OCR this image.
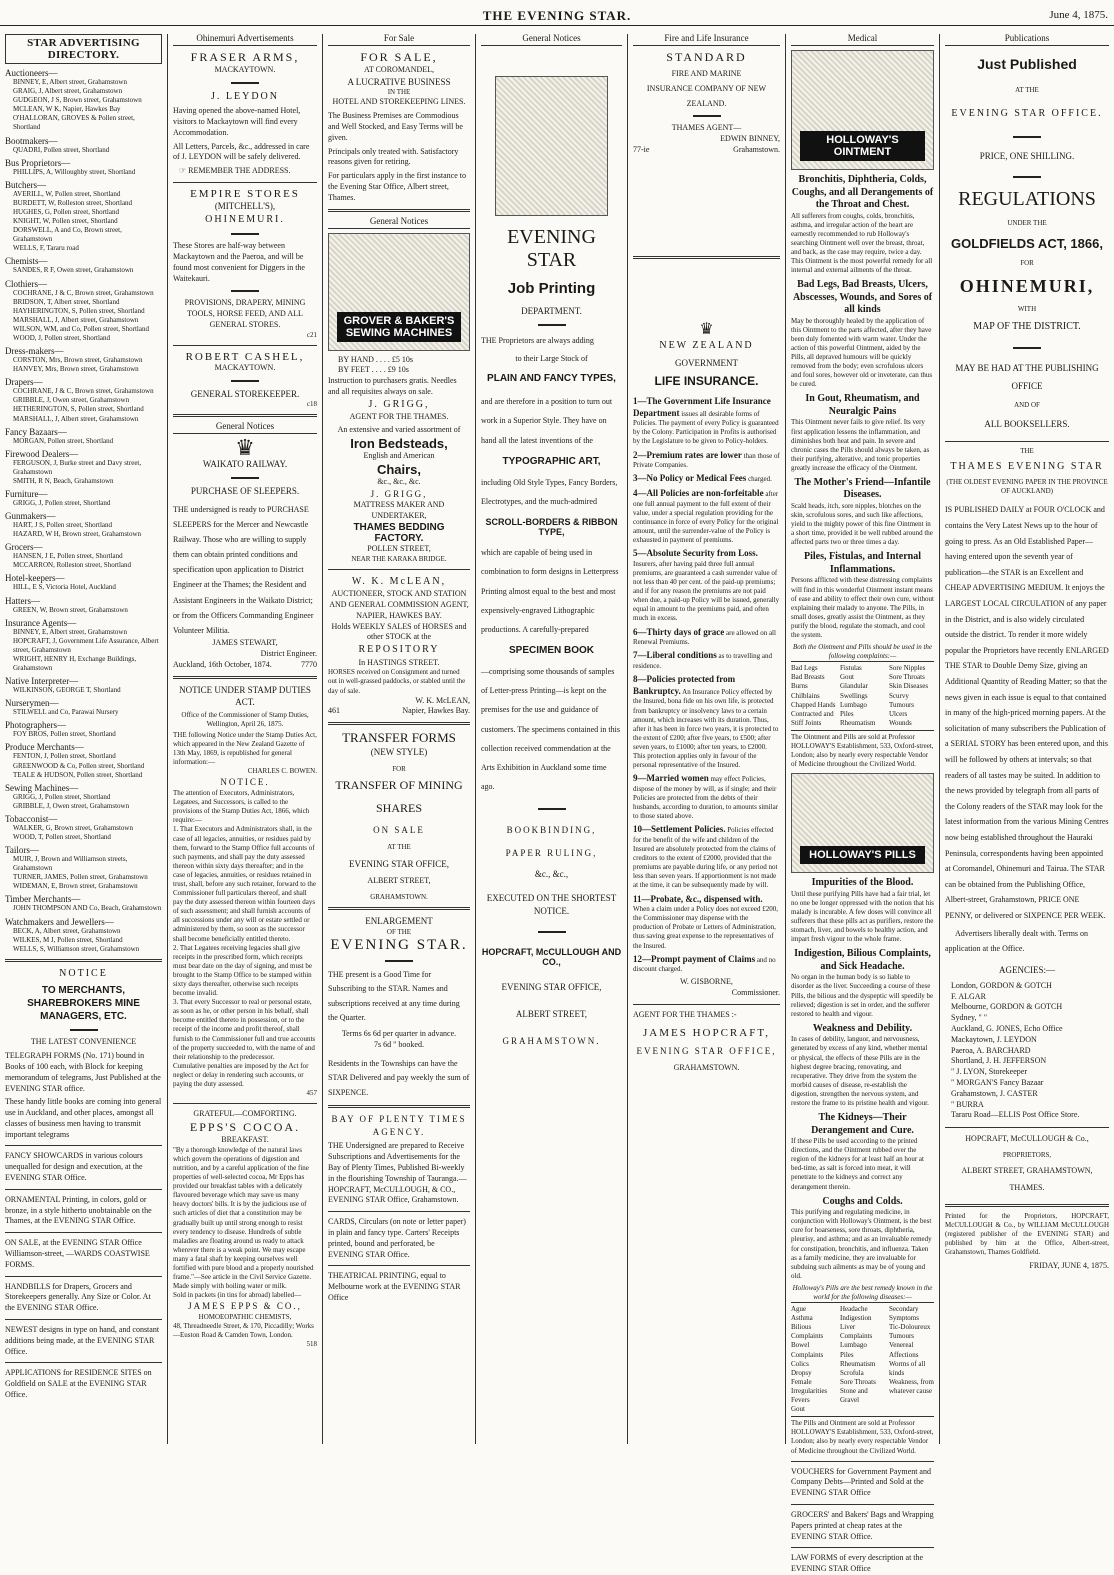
THE EVENING STAR.	June 4, 1875.
STAR ADVERTISING DIRECTORY.
Auctioneers—
BINNEY, E, Albert street, Grahamstown
GRAIG, J, Albert street, Grahamstown
GUDGEON, J S, Brown street, Grahamstown
MCLEAN, W K, Napier, Hawkes Bay
O'HALLORAN, GROVES & Pollen street, Shortland
Bootmakers—
QUADRI, Pollen street, Shortland
Bus Proprietors—
PHILLIPS, A, Willoughby street, Shortland
Butchers—
AVERILL, W, Pollen street, Shortland
BURDETT, W, Rolleston street, Shortland
HUGHES, G, Pollen street, Shortland
KNIGHT, W, Pollen street, Shortland
DORSWELL, A and Co, Brown street, Grahamstown
WELLS, F, Tararu road
Chemists—
SANDES, R F, Owen street, Grahamstown
Clothiers—
COCHRANE, J & C, Brown street, Grahamstown
BRIDSON, T, Albert street, Shortland
HAYHERINGTON, S, Pollen street, Shortland
MARSHALL, J, Albert street, Grahamstown
WILSON, WM, and Co, Pollen street, Shortland
WOOD, J, Pollen street, Shortland
Dress-makers—
CORSTON, Mrs, Brown street, Grahamstown
HANVEY, Mrs, Brown street, Grahamstown
Drapers—
COCHRANE, J & C, Brown street, Grahamstown
GRIBBLE, J, Owen street, Grahamstown
HETHERINGTON, S, Pollen street, Shortland
MARSHALL, J, Albert street, Grahamstown
Fancy Bazaars—
MORGAN, Pollen street, Shortland
Firewood Dealers—
FERGUSON, J, Burke street and Davy street, Grahamstown
SMITH, R N, Beach, Grahamstown
Furniture—
GRIGG, J, Pollen street, Shortland
Gunmakers—
HART, J S, Pollen street, Shortland
HAZARD, W H, Brown street, Grahamstown
Grocers—
HANSEN, J E, Pollen street, Shortland
MCCARRON, Rolleston street, Shortland
Hotel-keepers—
HILL, E S, Victoria Hotel, Auckland
Hatters—
GREEN, W, Brown street, Grahamstown
Insurance Agents—
BINNEY, E, Albert street, Grahamstown
HOPCRAFT, J, Government Life Assurance, Albert street, Grahamstown
WRIGHT, HENRY H, Exchange Buildings, Grahamstown
Native Interpreter—
WILKINSON, GEORGE T, Shortland
Nurserymen—
STILWELL and Co, Parawai Nursery
Photographers—
FOY BROS, Pollen street, Shortland
Produce Merchants—
FENTON, J, Pollen street, Shortland
GREENWOOD & Co, Pollen street, Shortland
TEALE & HUDSON, Pollen street, Shortland
Sewing Machines—
GRIGG, J, Pollen street, Shortland
GRIBBLE, J, Owen street, Grahamstown
Tobacconist—
WALKER, G, Brown street, Grahamstown
WOOD, T, Pollen street, Shortland
Tailors—
MUIR, J, Brown and Williamson streets, Grahamstown
TURNER, JAMES, Pollen street, Grahamstown
WIDEMAN, E, Brown street, Grahamstown
Timber Merchants—
JOHN THOMPSON AND Co, Beach, Grahamstown
Watchmakers and Jewellers—
BECK, A, Albert street, Grahamstown
WILKES, M J, Pollen street, Shortland
WELLS, S, Williamson street, Grahamstown
NOTICE
TO MERCHANTS, SHAREBROKERS MINE MANAGERS, ETC.
THE LATEST CONVENIENCE

TELEGRAPH FORMS (No. 171) bound in Books of 100 each, with Block for keeping memorandum of telegrams, Just Published at the EVENING STAR office.

These handy little books are coming into general use in Auckland, and other places, amongst all classes of business men having to transmit important telegrams

FANCY SHOWCARDS in various colours unequalled for design and execution, at the EVENING STAR Office.

ORNAMENTAL Printing, in colors, gold or bronze, in a style hitherto unobtainable on the Thames, at the EVENING STAR Office.

ON SALE, at the EVENING STAR Office Williamson-street, —WARDS COASTWISE FORMS.

HANDBILLS for Drapers, Grocers and Storekeepers generally. Any Size or Color. At the EVENING STAR Office.

NEWEST designs in type on hand, and constant additions being made, at the EVENING STAR Office.

APPLICATIONS for RESIDENCE SITES on Goldfield on SALE at the EVENING STAR Office.

Ohinemuri Advertisements
FRASER ARMS,
MACKAYTOWN.
J. LEYDON

Having opened the above-named Hotel, visitors to Mackaytown will find every Accommodation.

All Letters, Parcels, &c., addressed in care of J. LEYDON will be safely delivered.

☞ REMEMBER THE ADDRESS.
EMPIRE STORES
(MITCHELL'S),
OHINEMURI.

These Stores are half-way between Mackaytown and the Paeroa, and will be found most convenient for Diggers in the Waitekauri.

PROVISIONS, DRAPERY, MINING TOOLS, HORSE FEED, AND ALL GENERAL STORES.

c21
ROBERT CASHEL,
MACKAYTOWN.
GENERAL STOREKEEPER.
c18
General Notices
♛
WAIKATO RAILWAY.
PURCHASE OF SLEEPERS.

THE undersigned is ready to PURCHASE SLEEPERS for the Mercer and Newcastle Railway. Those who are willing to supply them can obtain printed conditions and specification upon application to District Engineer at the Thames; the Resident and Assistant Engineers in the Waikato District; or from the Officers Commanding Engineer Volunteer Militia.

JAMES STEWART,
District Engineer.
Auckland, 16th October, 1874.	7770
NOTICE UNDER STAMP DUTIES ACT.

Office of the Commissioner of Stamp Duties, Wellington, April 26, 1875.

THE following Notice under the Stamp Duties Act, which appeared in the New Zealand Gazette of 13th May, 1869, is republished for general information:—

CHARLES C. BOWEN.
NOTICE.

The attention of Executors, Administrators, Legatees, and Successors, is called to the provisions of the Stamp Duties Act, 1866, which require:—

1. That Executors and Administrators shall, in the case of all legacies, annuities, or residues paid by them, forward to the Stamp Office full accounts of such payments, and shall pay the duty assessed thereon within sixty days thereafter; and in the case of legacies, annuities, or residues retained in trust, shall, before any such retainer, forward to the Commissioner full particulars thereof, and shall pay the duty assessed thereon within fourteen days of such assessment; and shall furnish accounts of all successions under any will or estate settled or administered by them, so soon as the successor shall become beneficially entitled thereto.

2. That Legatees receiving legacies shall give receipts in the prescribed form, which receipts must bear date on the day of signing, and must be brought to the Stamp Office to be stamped within sixty days thereafter, otherwise such receipts become invalid.

3. That every Successor to real or personal estate, as soon as he, or other person in his behalf, shall become entitled thereto in possession, or to the receipt of the income and profit thereof, shall furnish to the Commissioner full and true accounts of the property succeeded to, with the name of and their relationship to the predecessor.

Cumulative penalties are imposed by the Act for neglect or delay in rendering such accounts, or paying the duty assessed.

457
GRATEFUL—COMFORTING.
EPPS'S COCOA.
BREAKFAST.

"By a thorough knowledge of the natural laws which govern the operations of digestion and nutrition, and by a careful application of the fine properties of well-selected cocoa, Mr Epps has provided our breakfast tables with a delicately flavoured beverage which may save us many heavy doctors' bills. It is by the judicious use of such articles of diet that a constitution may be gradually built up until strong enough to resist every tendency to disease. Hundreds of subtle maladies are floating around us ready to attack wherever there is a weak point. We may escape many a fatal shaft by keeping ourselves well fortified with pure blood and a properly nourished frame."—See article in the Civil Service Gazette.

Made simply with boiling water or milk.

Sold in packets (in tins for abroad) labelled—

JAMES EPPS & CO.,
HOMOEOPATHIC CHEMISTS,

48, Threadneedle Street, & 170, Piccadilly; Works—Euston Road & Camden Town, London.

518
For Sale
FOR SALE,
AT COROMANDEL,
A LUCRATIVE BUSINESS
IN THE
HOTEL AND STOREKEEPING LINES.

The Business Premises are Commodious and Well Stocked, and Easy Terms will be given.

Principals only treated with. Satisfactory reasons given for retiring.

For particulars apply in the first instance to the Evening Star Office, Albert street, Thames.

General Notices
GROVER & BAKER'S SEWING MACHINES
BY HAND . . . . £5 10s
BY FEET . . . . £9 10s

Instruction to purchasers gratis. Needles and all requisites always on sale.

J. GRIGG,
AGENT FOR THE THAMES.
An extensive and varied assortment of
Iron Bedsteads,
English and American
Chairs,
&c., &c., &c.
J. GRIGG,
MATTRESS MAKER AND UNDERTAKER,
THAMES BEDDING FACTORY.
POLLEN STREET,
NEAR THE KARAKA BRIDGE.
W. K. McLEAN,
AUCTIONEER, STOCK AND STATION AND GENERAL COMMISSION AGENT,
NAPIER, HAWKES BAY.
Holds WEEKLY SALES of HORSES and other STOCK at the
REPOSITORY
In HASTINGS STREET.

HORSES received on Consignment and turned out in well-grassed paddocks, or stabled until the day of sale.

W. K. McLEAN,
461	Napier, Hawkes Bay.
TRANSFER FORMS
(NEW STYLE)
FOR
TRANSFER OF MINING
SHARES
ON SALE
AT THE
EVENING STAR OFFICE,
ALBERT STREET,
GRAHAMSTOWN.
ENLARGEMENT
OF THE
EVENING STAR.

THE present is a Good Time for Subscribing to the STAR. Names and subscriptions received at any time during the Quarter.

Terms 6s 6d per quarter in advance.

7s 6d " booked.

Residents in the Townships can have the STAR Delivered and pay weekly the sum of SIXPENCE.

BAY OF PLENTY TIMES AGENCY.

THE Undersigned are prepared to Receive Subscriptions and Advertisements for the Bay of Plenty Times, Published Bi-weekly in the flourishing Township of Tauranga.—HOPCRAFT, McCULLOUGH, & CO., EVENING STAR Office, Grahamstown.

CARDS, Circulars (on note or letter paper) in plain and fancy type. Carters' Receipts printed, bound and perforated, be EVENING STAR Office.

THEATRICAL PRINTING, equal to Melbourne work at the EVENING STAR Office

General Notices
EVENING STAR
Job Printing
DEPARTMENT.

THE Proprietors are always adding

to their Large Stock of

PLAIN AND FANCY TYPES,

and are therefore in a position to turn out work in a Superior Style. They have on hand all the latest inventions of the

TYPOGRAPHIC ART,

including Old Style Types, Fancy Borders, Electrotypes, and the much-admired

SCROLL-BORDERS & RIBBON TYPE,

which are capable of being used in combination to form designs in Letterpress Printing almost equal to the best and most expensively-engraved Lithographic productions. A carefully-prepared

SPECIMEN BOOK

—comprising some thousands of samples of Letter-press Printing—is kept on the premises for the use and guidance of customers. The specimens contained in this collection received commendation at the Arts Exhibition in Auckland some time ago.

BOOKBINDING,
PAPER RULING,
&c., &c.,
EXECUTED ON THE SHORTEST NOTICE.
HOPCRAFT, McCULLOUGH AND CO.,
EVENING STAR OFFICE,
ALBERT STREET,
GRAHAMSTOWN.
Fire and Life Insurance
STANDARD
FIRE AND MARINE
INSURANCE COMPANY OF NEW
ZEALAND.
THAMES AGENT—
EDWIN BINNEY,
77-ie	Grahamstown.
♛
NEW ZEALAND
GOVERNMENT
LIFE INSURANCE.

1—The Government Life Insurance Department issues all desirable forms of Policies. The payment of every Policy is guaranteed by the Colony. Participation in Profits is authorised by the Legislature to be given to Policy-holders.

2—Premium rates are lower than those of Private Companies.

3—No Policy or Medical Fees charged.

4—All Policies are non-forfeitable after one full annual payment to the full extent of their value, under a special regulation providing for the continuance in force of every Policy for the original amount, until the surrender-value of the Policy is exhausted in payment of premiums.

5—Absolute Security from Loss. Insurers, after having paid three full annual premiums, are guaranteed a cash surrender value of not less than 40 per cent. of the paid-up premiums; and if for any reason the premiums are not paid when due, a paid-up Policy will be issued, generally equal in amount to the premiums paid, and often much in excess.

6—Thirty days of grace are allowed on all Renewal Premiums.

7—Liberal conditions as to travelling and residence.

8—Policies protected from Bankruptcy. An Insurance Policy effected by the Insured, bona fide on his own life, is protected from bankruptcy or insolvency laws to a certain amount, which increases with its duration. Thus, after it has been in force two years, it is protected to the extent of £200; after five years, to £500; after seven years, to £1000; after ten years, to £2000. This protection applies only in favour of the personal representative of the Insured.

9—Married women may effect Policies, dispose of the money by will, as if single; and their Policies are protected from the debts of their husbands, according to duration, to amounts similar to those stated above.

10—Settlement Policies. Policies effected for the benefit of the wife and children of the Insured are absolutely protected from the claims of creditors to the extent of £2000, provided that the premiums are payable during life, or any period not less than seven years. If apportionment is not made at the time, it can be subsequently made by will.

11—Probate, &c., dispensed with. When a claim under a Policy does not exceed £200, the Commissioner may dispense with the production of Probate or Letters of Administration, thus saving great expense to the representatives of the Insured.

12—Prompt payment of Claims and no discount charged.

W. GISBORNE,
Commissioner.
AGENT FOR THE THAMES :-
JAMES HOPCRAFT,
EVENING STAR OFFICE,
GRAHAMSTOWN.
Medical
HOLLOWAY'S OINTMENT
Bronchitis, Diphtheria, Colds, Coughs, and all Derangements of the Throat and Chest.

All sufferers from coughs, colds, bronchitis, asthma, and irregular action of the heart are earnestly recommended to rub Holloway's searching Ointment well over the breast, throat, and back, as the case may require, twice a day. This Ointment is the most powerful remedy for all internal and external ailments of the throat.

Bad Legs, Bad Breasts, Ulcers, Abscesses, Wounds, and Sores of all kinds

May be thoroughly healed by the application of this Ointment to the parts affected, after they have been duly fomented with warm water. Under the action of this powerful Ointment, aided by the Pills, all depraved humours will be quickly removed from the body; even scrofulous ulcers and foul sores, however old or inveterate, can thus be cured.

In Gout, Rheumatism, and Neuralgic Pains

This Ointment never fails to give relief. Its very first application lessens the inflammation, and diminishes both heat and pain. In severe and chronic cases the Pills should always be taken, as their purifying, alterative, and tonic properties greatly increase the efficacy of the Ointment.

The Mother's Friend—Infantile Diseases.

Scald heads, itch, sore nipples, blotches on the skin, scrofulous sores, and such like affections, yield to the mighty power of this fine Ointment in a short time, provided it be well rubbed around the affected parts two or three times a day.

Piles, Fistulas, and Internal Inflammations.

Persons afflicted with these distressing complaints will find in this wonderful Ointment instant means of ease and ability to effect their own cure, without explaining their malady to anyone. The Pills, in small doses, greatly assist the Ointment, as they purify the blood, regulate the stomach, and cool the system.

Both the Ointment and Pills should be used in the following complaints:—

Bad Legs
Bad Breasts
Burns
Chilblains
Chapped Hands
Contracted and Stiff Joints
Fistulas
Gout
Glandular Swellings
Lumbago
Piles
Rheumatism
Sore Nipples
Sore Throats
Skin Diseases
Scurvy
Tumours
Ulcers
Wounds

The Ointment and Pills are sold at Professor HOLLOWAY'S Establishment, 533, Oxford-street, London; also by nearly every respectable Vendor of Medicine throughout the Civilized World.

HOLLOWAY'S PILLS
Impurities of the Blood.

Until these purifying Pills have had a fair trial, let no one be longer oppressed with the notion that his malady is incurable. A few doses will convince all sufferers that these pills act as purifiers, restore the stomach, liver, and bowels to healthy action, and impart fresh vigour to the whole frame.

Indigestion, Bilious Complaints, and Sick Headache.

No organ in the human body is so liable to disorder as the liver. Succeeding a course of these Pills, the bilious and the dyspeptic will speedily be relieved; digestion is set in order, and the sufferer restored to health and vigour.

Weakness and Debility.

In cases of debility, languor, and nervousness, generated by excess of any kind, whether mental or physical, the effects of these Pills are in the highest degree bracing, renovating, and recuperative. They drive from the system the morbid causes of disease, re-establish the digestion, strengthen the nervous system, and restore the frame to its pristine health and vigour.

The Kidneys—Their Derangement and Cure.

If these Pills be used according to the printed directions, and the Ointment rubbed over the region of the kidneys for at least half an hour at bed-time, as salt is forced into meat, it will penetrate to the kidneys and correct any derangement therein.

Coughs and Colds.

This purifying and regulating medicine, in conjunction with Holloway's Ointment, is the best cure for hoarseness, sore throats, diphtheria, pleurisy, and asthma; and as an invaluable remedy for constipation, bronchitis, and influenza. Taken as a family medicine, they are invaluable for subduing such ailments as may be of young and old.

Holloway's Pills are the best remedy known in the world for the following diseases:—

Ague
Asthma
Bilious Complaints
Bowel Complaints
Colics
Dropsy
Female Irregularities
Fevers
Gout
Headache
Indigestion
Liver Complaints
Lumbago
Piles
Rheumatism
Scrofula
Sore Throats
Stone and Gravel
Secondary Symptoms
Tic-Doloureux
Tumours
Venereal Affections
Worms of all kinds
Weakness, from whatever cause

The Pills and Ointment are sold at Professor HOLLOWAY'S Establishment, 533, Oxford-street, London; also by nearly every respectable Vendor of Medicine throughout the Civilized World.

VOUCHERS for Government Payment and Company Debts—Printed and Sold at the EVENING STAR Office

GROCERS' and Bakers' Bags and Wrapping Papers printed at cheap rates at the EVENING STAR Office.

LAW FORMS of every description at the EVENING STAR Office

Publications
Just Published
AT THE
EVENING STAR OFFICE.
PRICE, ONE SHILLING.
REGULATIONS
UNDER THE
GOLDFIELDS ACT, 1866,
FOR
OHINEMURI,
WITH
MAP OF THE DISTRICT.
MAY BE HAD AT THE PUBLISHING OFFICE
AND OF
ALL BOOKSELLERS.
THE
THAMES EVENING STAR
(THE OLDEST EVENING PAPER IN THE PROVINCE OF AUCKLAND)

IS PUBLISHED DAILY at FOUR O'CLOCK and contains the Very Latest News up to the hour of going to press. As an Old Established Paper—having entered upon the seventh year of publication—the STAR is an Excellent and CHEAP ADVERTISING MEDIUM. It enjoys the LARGEST LOCAL CIRCULATION of any paper in the District, and is also widely circulated outside the district. To render it more widely popular the Proprietors have recently ENLARGED THE STAR to Double Demy Size, giving an Additional Quantity of Reading Matter; so that the news given in each issue is equal to that contained in many of the high-priced morning papers. At the solicitation of many subscribers the Publication of a SERIAL STORY has been entered upon, and this will be followed by others at intervals; so that readers of all tastes may be suited. In addition to the news provided by telegraph from all parts of the Colony readers of the STAR may look for the latest information from the various Mining Centres now being established throughout the Hauraki Peninsula, correspondents having been appointed at Coromandel, Ohinemuri and Tairua. The STAR can be obtained from the Publishing Office, Albert-street, Grahamstown, PRICE ONE PENNY, or delivered or SIXPENCE PER WEEK.

Advertisers liberally dealt with. Terms on application at the Office.

AGENCIES:—
London, GORDON & GOTCH
F. ALGAR
Melbourne, GORDON & GOTCH
Sydney, " "
Auckland, G. JONES, Echo Office
Mackaytown, J. LEYDON
Paeroa, A. BARCHARD
Shortland, J. H. JEFFERSON
" J. LYON, Storekeeper
" MORGAN'S Fancy Bazaar
Grahamstown, J. CASTER
" BURRA
Tararu Road—ELLIS Post Office Store.
HOPCRAFT, McCULLOUGH & Co.,
PROPRIETORS,
ALBERT STREET, GRAHAMSTOWN,
THAMES.

Printed for the Proprietors, HOPCRAFT, McCULLOUGH & Co., by WILLIAM McCULLOUGH (registered publisher of the EVENING STAR) and published by him at the Office, Albert-street, Grahamstown, Thames Goldfield.

FRIDAY, JUNE 4, 1875.
